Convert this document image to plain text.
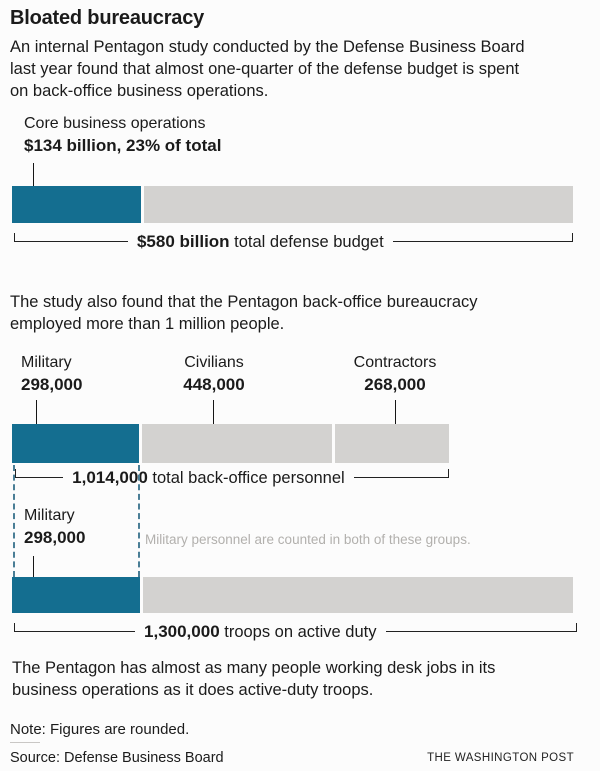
Bloated bureaucracy
An internal Pentagon study conducted by the Defense Business Board
last year found that almost one-quarter of the defense budget is spent
on back-office business operations.
Core business operations
$134 billion, 23% of total
$580 billion total defense budget
The study also found that the Pentagon back-office bureaucracy
employed more than 1 million people.
Military
298,000
Civilians
448,000
Contractors
268,000
1,014,000 total back-office personnel
Military
298,000	Military personnel are counted in both of these groups.
1,300,000 troops on active duty
The Pentagon has almost as many people working desk jobs in its
business operations as it does active-duty troops.
Note: Figures are rounded.
Source: Defense Business Board	THE WASHINGTON POST
